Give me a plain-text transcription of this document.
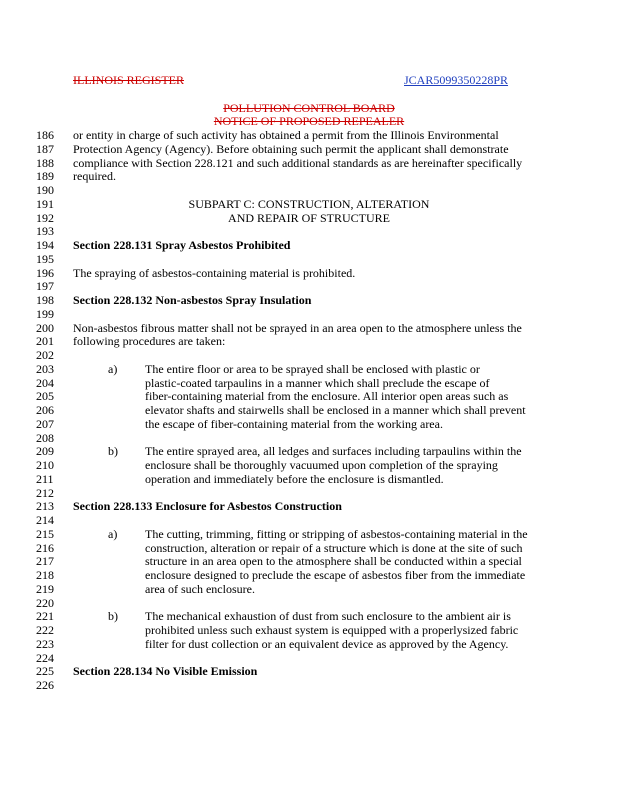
ILLINOIS REGISTER	JCAR5099350228PR
POLLUTION CONTROL BOARD
NOTICE OF PROPOSED REPEALER
186 or entity in charge of such activity has obtained a permit from the Illinois Environmental
187 Protection Agency (Agency). Before obtaining such permit the applicant shall demonstrate
188 compliance with Section 228.121 and such additional standards as are hereinafter specifically
189 required.
190
191	SUBPART C: CONSTRUCTION, ALTERATION
192	AND REPAIR OF STRUCTURE
193
194 Section 228.131 Spray Asbestos Prohibited
195
196 The spraying of asbestos-containing material is prohibited.
197
198 Section 228.132 Non-asbestos Spray Insulation
199
200 Non-asbestos fibrous matter shall not be sprayed in an area open to the atmosphere unless the
201 following procedures are taken:
202
203	a) The entire floor or area to be sprayed shall be enclosed with plastic or
204	plastic-coated tarpaulins in a manner which shall preclude the escape of
205	fiber-containing material from the enclosure. All interior open areas such as
206	elevator shafts and stairwells shall be enclosed in a manner which shall prevent
207	the escape of fiber-containing material from the working area.
208
209	b) The entire sprayed area, all ledges and surfaces including tarpaulins within the
210	enclosure shall be thoroughly vacuumed upon completion of the spraying
211	operation and immediately before the enclosure is dismantled.
212
213 Section 228.133 Enclosure for Asbestos Construction
214
215	a) The cutting, trimming, fitting or stripping of asbestos-containing material in the
216	construction, alteration or repair of a structure which is done at the site of such
217	structure in an area open to the atmosphere shall be conducted within a special
218	enclosure designed to preclude the escape of asbestos fiber from the immediate
219	area of such enclosure.
220
221	b) The mechanical exhaustion of dust from such enclosure to the ambient air is
222	prohibited unless such exhaust system is equipped with a properlysized fabric
223	filter for dust collection or an equivalent device as approved by the Agency.
224
225 Section 228.134 No Visible Emission
226
